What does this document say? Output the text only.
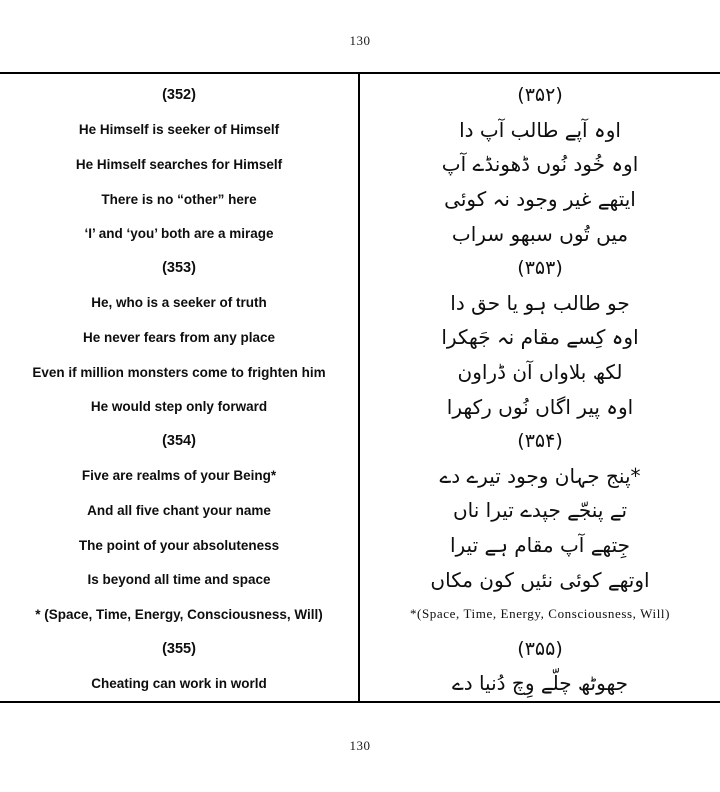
130
(352)
He Himself is seeker of Himself
He Himself searches for Himself
There is no “other” here
‘I’ and ‘you’ both are a mirage
(353)
He, who is a seeker of truth
He never fears from any place
Even if million monsters come to frighten him
He would step only forward
(354)
Five are realms of your Being*
And all five chant your name
The point of your absoluteness
Is beyond all time and space
* (Space, Time, Energy, Consciousness, Will)
(355)
Cheating can work in world
(۳۵۲)
اوہ آپے طالب آپ دا
اوہ خُود نُوں ڈھونڈے آپ
ایتھے غیر وجود نہ کوئی
میں تُوں سبھو سراب
(۳۵۳)
جو طالب ہو یا حق دا
اوہ کِسے مقام نہ جَھکرا
لکھ بلاواں آن ڈراون
اوہ پیر اگاں نُوں رکھرا
(۳۵۴)
*پنج جہان وجود تیرے دے
تے پنجّے جپدے تیرا ناں
جِتھے آپ مقام ہے تیرا
اوتھے کوئی نئیں کون مکاں
*(Space, Time, Energy, Consciousness, Will)
(۳۵۵)
جھوٹھ چلّے وِچ دُنیا دے
130
